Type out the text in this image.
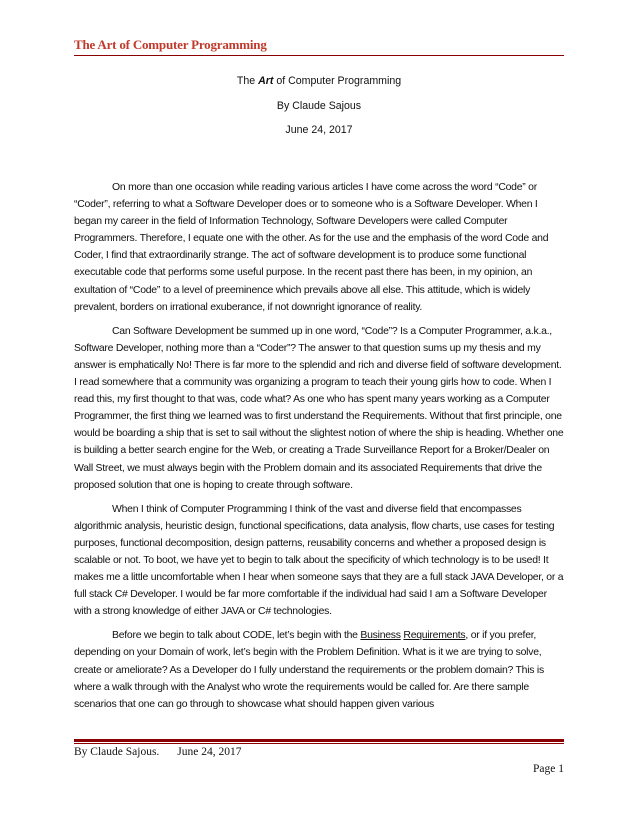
The Art of Computer Programming
The Art of Computer Programming
By Claude Sajous
June 24, 2017

On more than one occasion while reading various articles I have come across the word “Code” or “Coder”, referring to what a Software Developer does or to someone who is a Software Developer. When I began my career in the field of Information Technology, Software Developers were called Computer Programmers. Therefore, I equate one with the other. As for the use and the emphasis of the word Code and Coder, I find that extraordinarily strange. The act of software development is to produce some functional executable code that performs some useful purpose. In the recent past there has been, in my opinion, an exultation of “Code” to a level of preeminence which prevails above all else. This attitude, which is widely prevalent, borders on irrational exuberance, if not downright ignorance of reality.

Can Software Development be summed up in one word, “Code”? Is a Computer Programmer, a.k.a., Software Developer, nothing more than a “Coder”? The answer to that question sums up my thesis and my answer is emphatically No! There is far more to the splendid and rich and diverse field of software development. I read somewhere that a community was organizing a program to teach their young girls how to code. When I read this, my first thought to that was, code what? As one who has spent many years working as a Computer Programmer, the first thing we learned was to first understand the Requirements. Without that first principle, one would be boarding a ship that is set to sail without the slightest notion of where the ship is heading. Whether one is building a better search engine for the Web, or creating a Trade Surveillance Report for a Broker/Dealer on Wall Street, we must always begin with the Problem domain and its associated Requirements that drive the proposed solution that one is hoping to create through software.

When I think of Computer Programming I think of the vast and diverse field that encompasses algorithmic analysis, heuristic design, functional specifications, data analysis, flow charts, use cases for testing purposes, functional decomposition, design patterns, reusability concerns and whether a proposed design is scalable or not. To boot, we have yet to begin to talk about the specificity of which technology is to be used! It makes me a little uncomfortable when I hear when someone says that they are a full stack JAVA Developer, or a full stack C# Developer. I would be far more comfortable if the individual had said I am a Software Developer with a strong knowledge of either JAVA or C# technologies.

Before we begin to talk about CODE, let’s begin with the Business Requirements, or if you prefer, depending on your Domain of work, let’s begin with the Problem Definition. What is it we are trying to solve, create or ameliorate? As a Developer do I fully understand the requirements or the problem domain? This is where a walk through with the Analyst who wrote the requirements would be called for. Are there sample scenarios that one can go through to showcase what should happen given various

By Claude Sajous. June 24, 2017
Page 1
